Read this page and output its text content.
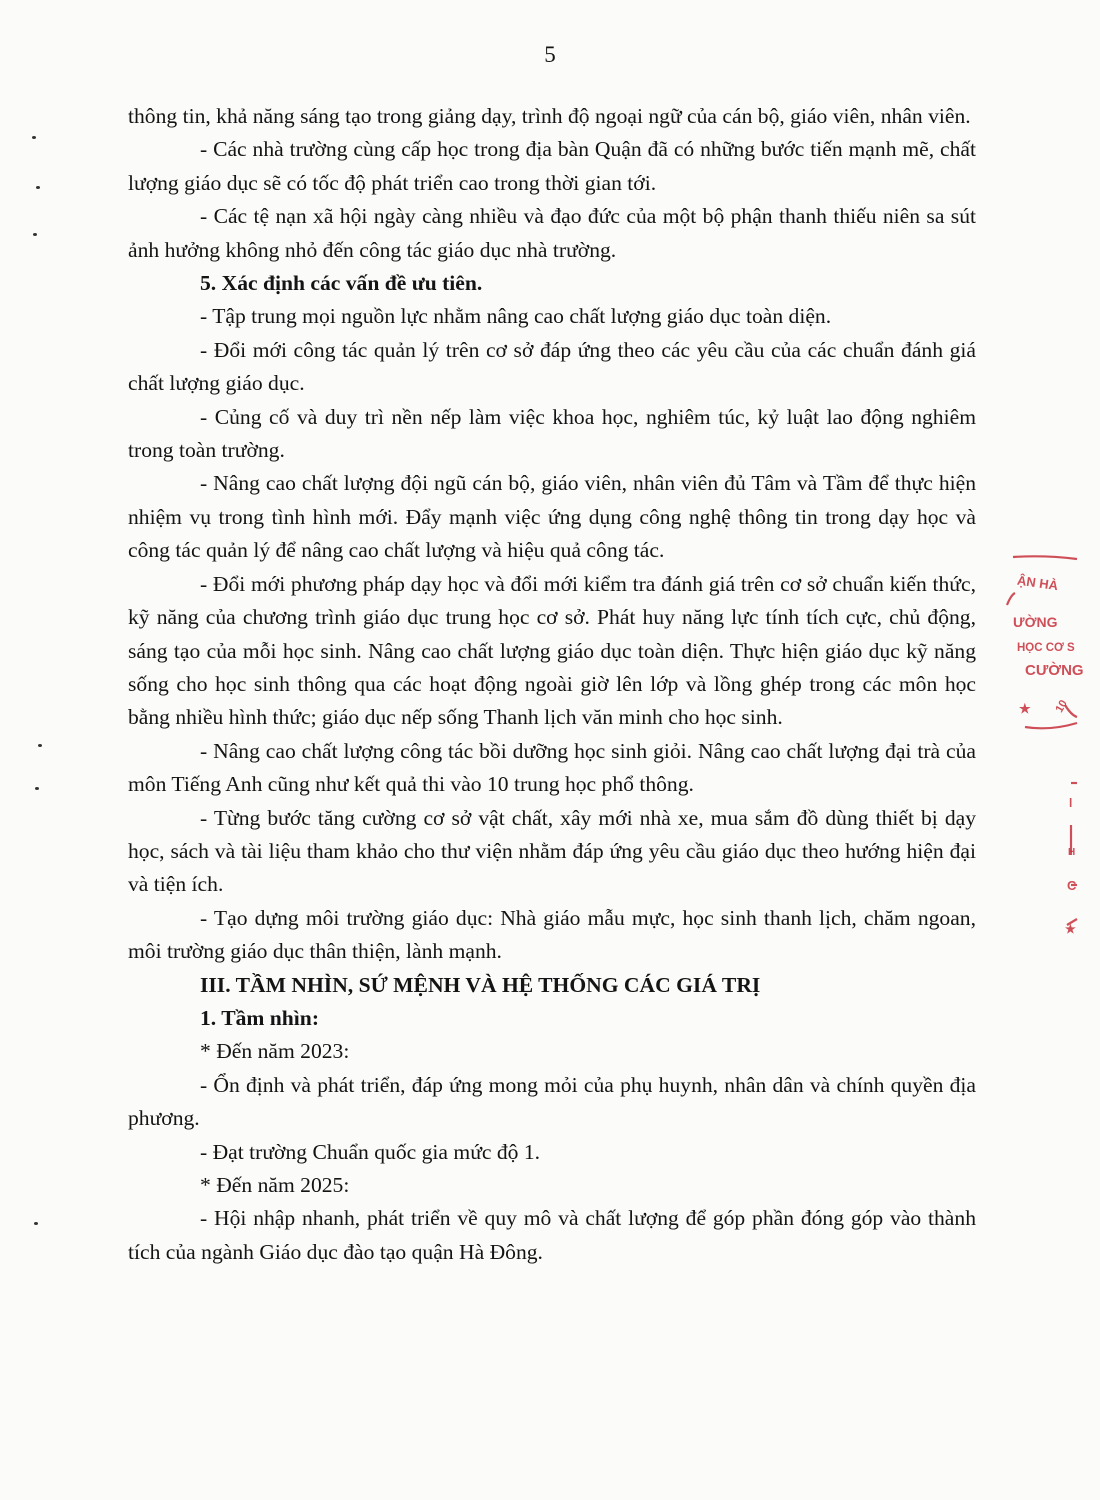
5

thông tin, khả năng sáng tạo trong giảng dạy, trình độ ngoại ngữ của cán bộ, giáo viên, nhân viên.

- Các nhà trường cùng cấp học trong địa bàn Quận đã có những bước tiến mạnh mẽ, chất lượng giáo dục sẽ có tốc độ phát triển cao trong thời gian tới.

- Các tệ nạn xã hội ngày càng nhiều và đạo đức của một bộ phận thanh thiếu niên sa sút ảnh hưởng không nhỏ đến công tác giáo dục nhà trường.

5. Xác định các vấn đề ưu tiên.

- Tập trung mọi nguồn lực nhằm nâng cao chất lượng giáo dục toàn diện.

- Đổi mới công tác quản lý trên cơ sở đáp ứng theo các yêu cầu của các chuẩn đánh giá chất lượng giáo dục.

- Củng cố và duy trì nền nếp làm việc khoa học, nghiêm túc, kỷ luật lao động nghiêm trong toàn trường.

- Nâng cao chất lượng đội ngũ cán bộ, giáo viên, nhân viên đủ Tâm và Tầm để thực hiện nhiệm vụ trong tình hình mới. Đẩy mạnh việc ứng dụng công nghệ thông tin trong dạy học và công tác quản lý để nâng cao chất lượng và hiệu quả công tác.

- Đổi mới phương pháp dạy học và đổi mới kiểm tra đánh giá trên cơ sở chuẩn kiến thức, kỹ năng của chương trình giáo dục trung học cơ sở. Phát huy năng lực tính tích cực, chủ động, sáng tạo của mỗi học sinh. Nâng cao chất lượng giáo dục toàn diện. Thực hiện giáo dục kỹ năng sống cho học sinh thông qua các hoạt động ngoài giờ lên lớp và lồng ghép trong các môn học bằng nhiều hình thức; giáo dục nếp sống Thanh lịch văn minh cho học sinh.

- Nâng cao chất lượng công tác bồi dưỡng học sinh giỏi. Nâng cao chất lượng đại trà của môn Tiếng Anh cũng như kết quả thi vào 10 trung học phổ thông.

- Từng bước tăng cường cơ sở vật chất, xây mới nhà xe, mua sắm đồ dùng thiết bị dạy học, sách và tài liệu tham khảo cho thư viện nhằm đáp ứng yêu cầu giáo dục theo hướng hiện đại và tiện ích.

- Tạo dựng môi trường giáo dục: Nhà giáo mẫu mực, học sinh thanh lịch, chăm ngoan, môi trường giáo dục thân thiện, lành mạnh.

III. TẦM NHÌN, SỨ MỆNH VÀ HỆ THỐNG CÁC GIÁ TRỊ

1. Tầm nhìn:

* Đến năm 2023:

- Ổn định và phát triển, đáp ứng mong mỏi của phụ huynh, nhân dân và chính quyền địa phương.

- Đạt trường Chuẩn quốc gia mức độ 1.

* Đến năm 2025:

- Hội nhập nhanh, phát triển về quy mô và chất lượng để góp phần đóng góp vào thành tích của ngành Giáo dục đào tạo quận Hà Đông.

ẬN HÀ
ƯỜNG
HỌC CƠ S
CƯỜNG
★ 10
l
H
C
★
